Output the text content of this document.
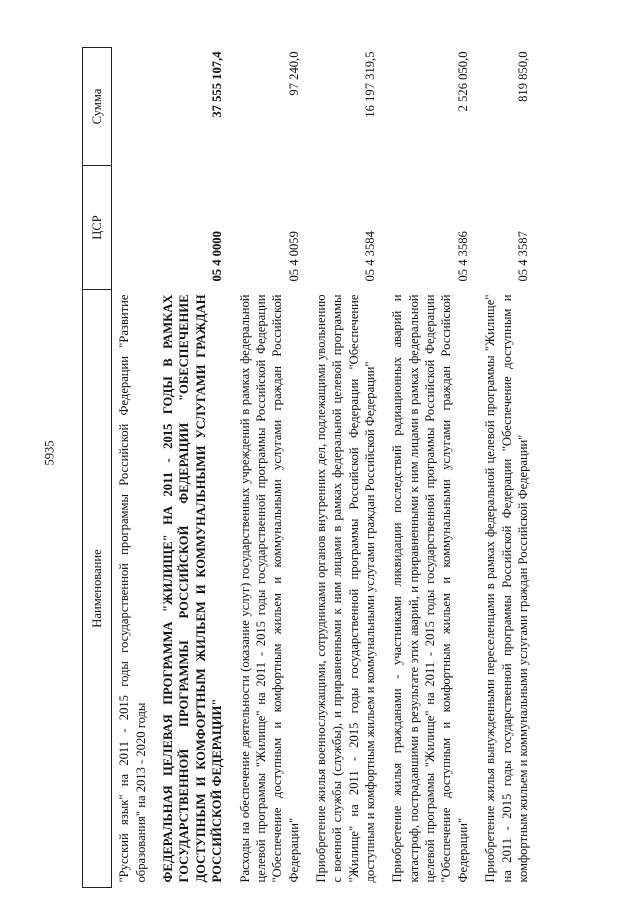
5935
Наименование	ЦСР	Сумма
"Русский язык" на 2011 - 2015 годы государственной программы Российской Федерации "Развитие образования" на 2013 - 2020 годы		
ФЕДЕРАЛЬНАЯ ЦЕЛЕВАЯ ПРОГРАММА "ЖИЛИЩЕ" НА 2011 - 2015 ГОДЫ В РАМКАХ ГОСУДАРСТВЕННОЙ ПРОГРАММЫ РОССИЙСКОЙ ФЕДЕРАЦИИ "ОБЕСПЕЧЕНИЕ ДОСТУПНЫМ И КОМФОРТНЫМ ЖИЛЬЕМ И КОММУНАЛЬНЫМИ УСЛУГАМИ ГРАЖДАН РОССИЙСКОЙ ФЕДЕРАЦИИ"	05 4 0000	37 555 107,4
Расходы на обеспечение деятельности (оказание услуг) государственных учреждений в рамках федеральной целевой программы "Жилище" на 2011 - 2015 годы государственной программы Российской Федерации "Обеспечение доступным и комфортным жильем и коммунальными услугами граждан Российской Федерации"	05 4 0059	97 240,0
Приобретение жилья военнослужащими, сотрудниками органов внутренних дел, подлежащими увольнению с военной службы (службы), и приравненными к ним лицами в рамках федеральной целевой программы "Жилище" на 2011 - 2015 годы государственной программы Российской Федерации "Обеспечение доступным и комфортным жильем и коммунальными услугами граждан Российской Федерации"	05 4 3584	16 197 319,5
Приобретение жилья гражданами - участниками ликвидации последствий радиационных аварий и катастроф, пострадавшими в результате этих аварий, и приравненными к ним лицами в рамках федеральной целевой программы "Жилище" на 2011 - 2015 годы государственной программы Российской Федерации "Обеспечение доступным и комфортным жильем и коммунальными услугами граждан Российской Федерации"	05 4 3586	2 526 050,0
Приобретение жилья вынужденными переселенцами в рамках федеральной целевой программы "Жилище" на 2011 - 2015 годы государственной программы Российской Федерации "Обеспечение доступным и комфортным жильем и коммунальными услугами граждан Российской Федерации"	05 4 3587	819 850,0
